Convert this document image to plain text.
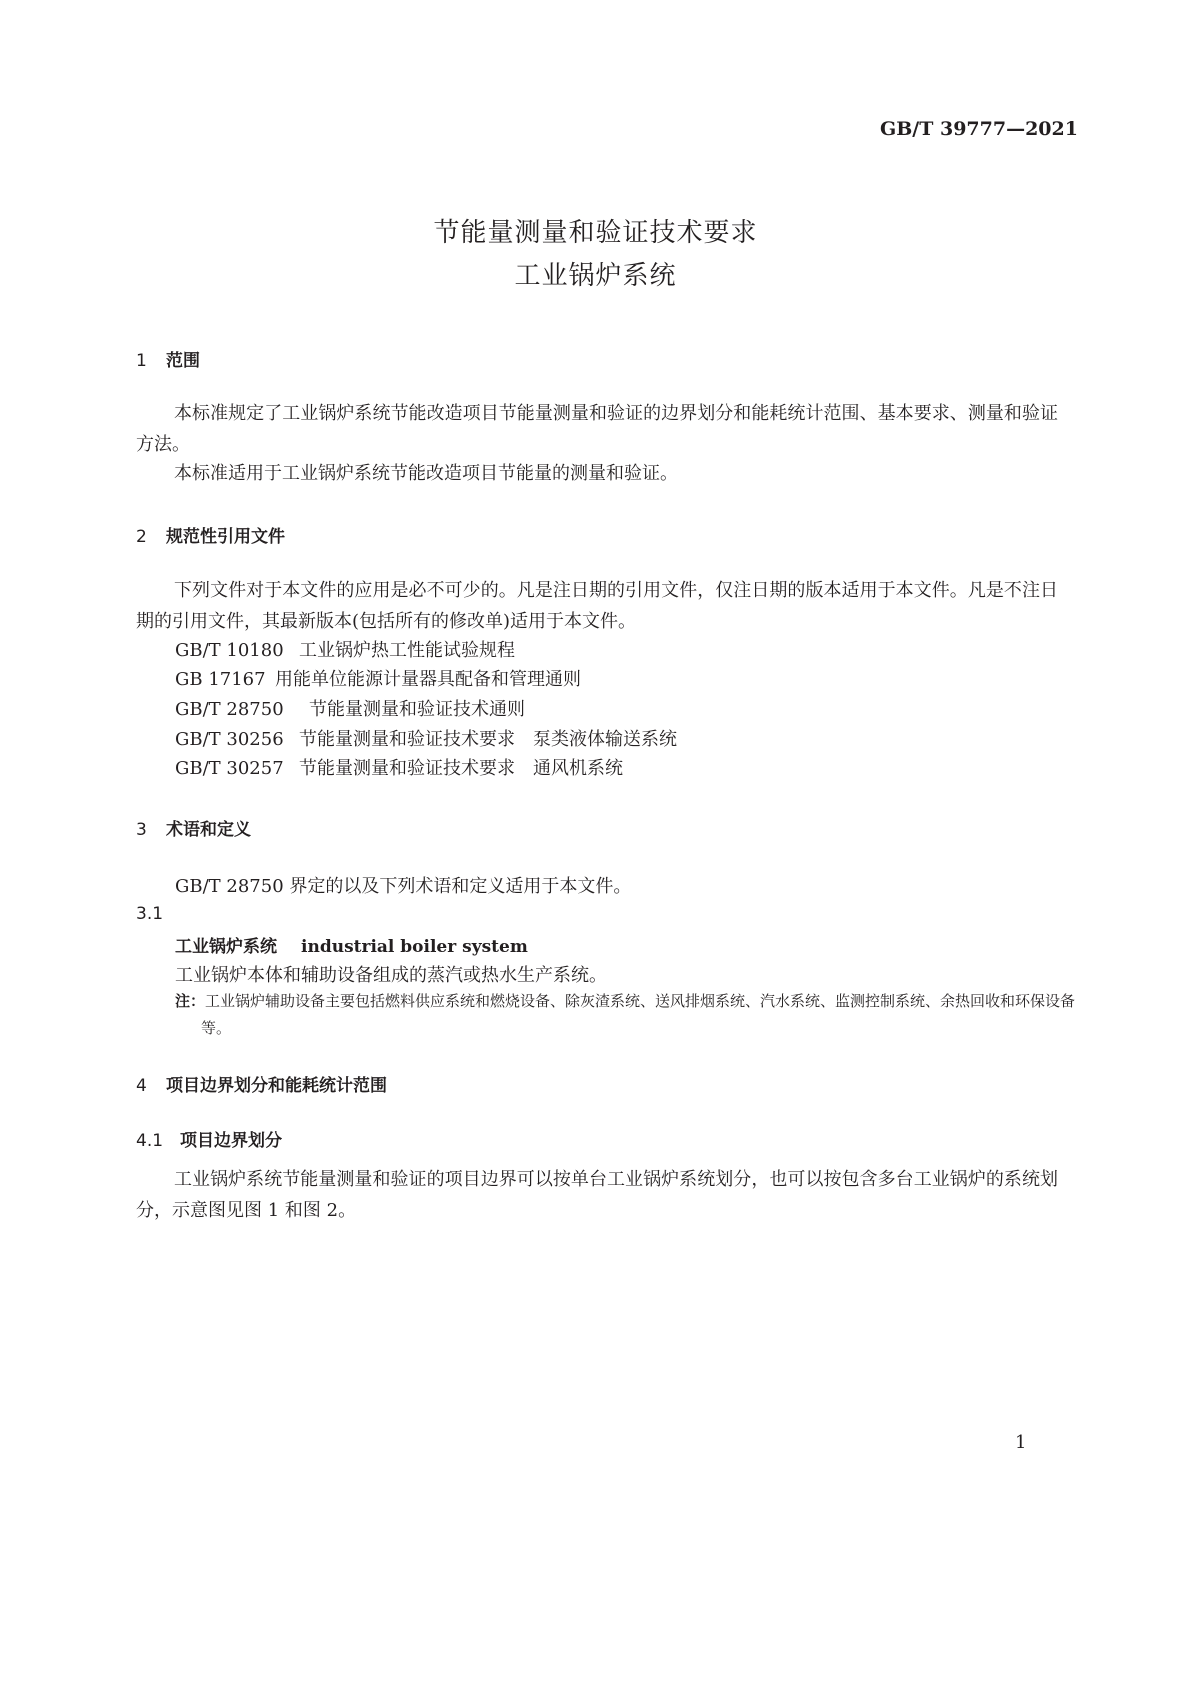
GB/T 39777—2021
节能量测量和验证技术要求
工业锅炉系统
1 范围
本标准规定了工业锅炉系统节能改造项目节能量测量和验证的边界划分和能耗统计范围、基本要求、测量和验证方法。
本标准适用于工业锅炉系统节能改造项目节能量的测量和验证。
2 规范性引用文件
下列文件对于本文件的应用是必不可少的。凡是注日期的引用文件，仅注日期的版本适用于本文件。凡是不注日期的引用文件，其最新版本(包括所有的修改单)适用于本文件。
GB/T 10180 工业锅炉热工性能试验规程
GB 17167 用能单位能源计量器具配备和管理通则
GB/T 28750 节能量测量和验证技术通则
GB/T 30256 节能量测量和验证技术要求　泵类液体输送系统
GB/T 30257 节能量测量和验证技术要求　通风机系统
3 术语和定义
GB/T 28750 界定的以及下列术语和定义适用于本文件。
3.1
工业锅炉系统 industrial boiler system
工业锅炉本体和辅助设备组成的蒸汽或热水生产系统。
注：工业锅炉辅助设备主要包括燃料供应系统和燃烧设备、除灰渣系统、送风排烟系统、汽水系统、监测控制系统、余热回收和环保设备等。
4 项目边界划分和能耗统计范围
4.1 项目边界划分
工业锅炉系统节能量测量和验证的项目边界可以按单台工业锅炉系统划分，也可以按包含多台工业锅炉的系统划分，示意图见图 1 和图 2。
1
